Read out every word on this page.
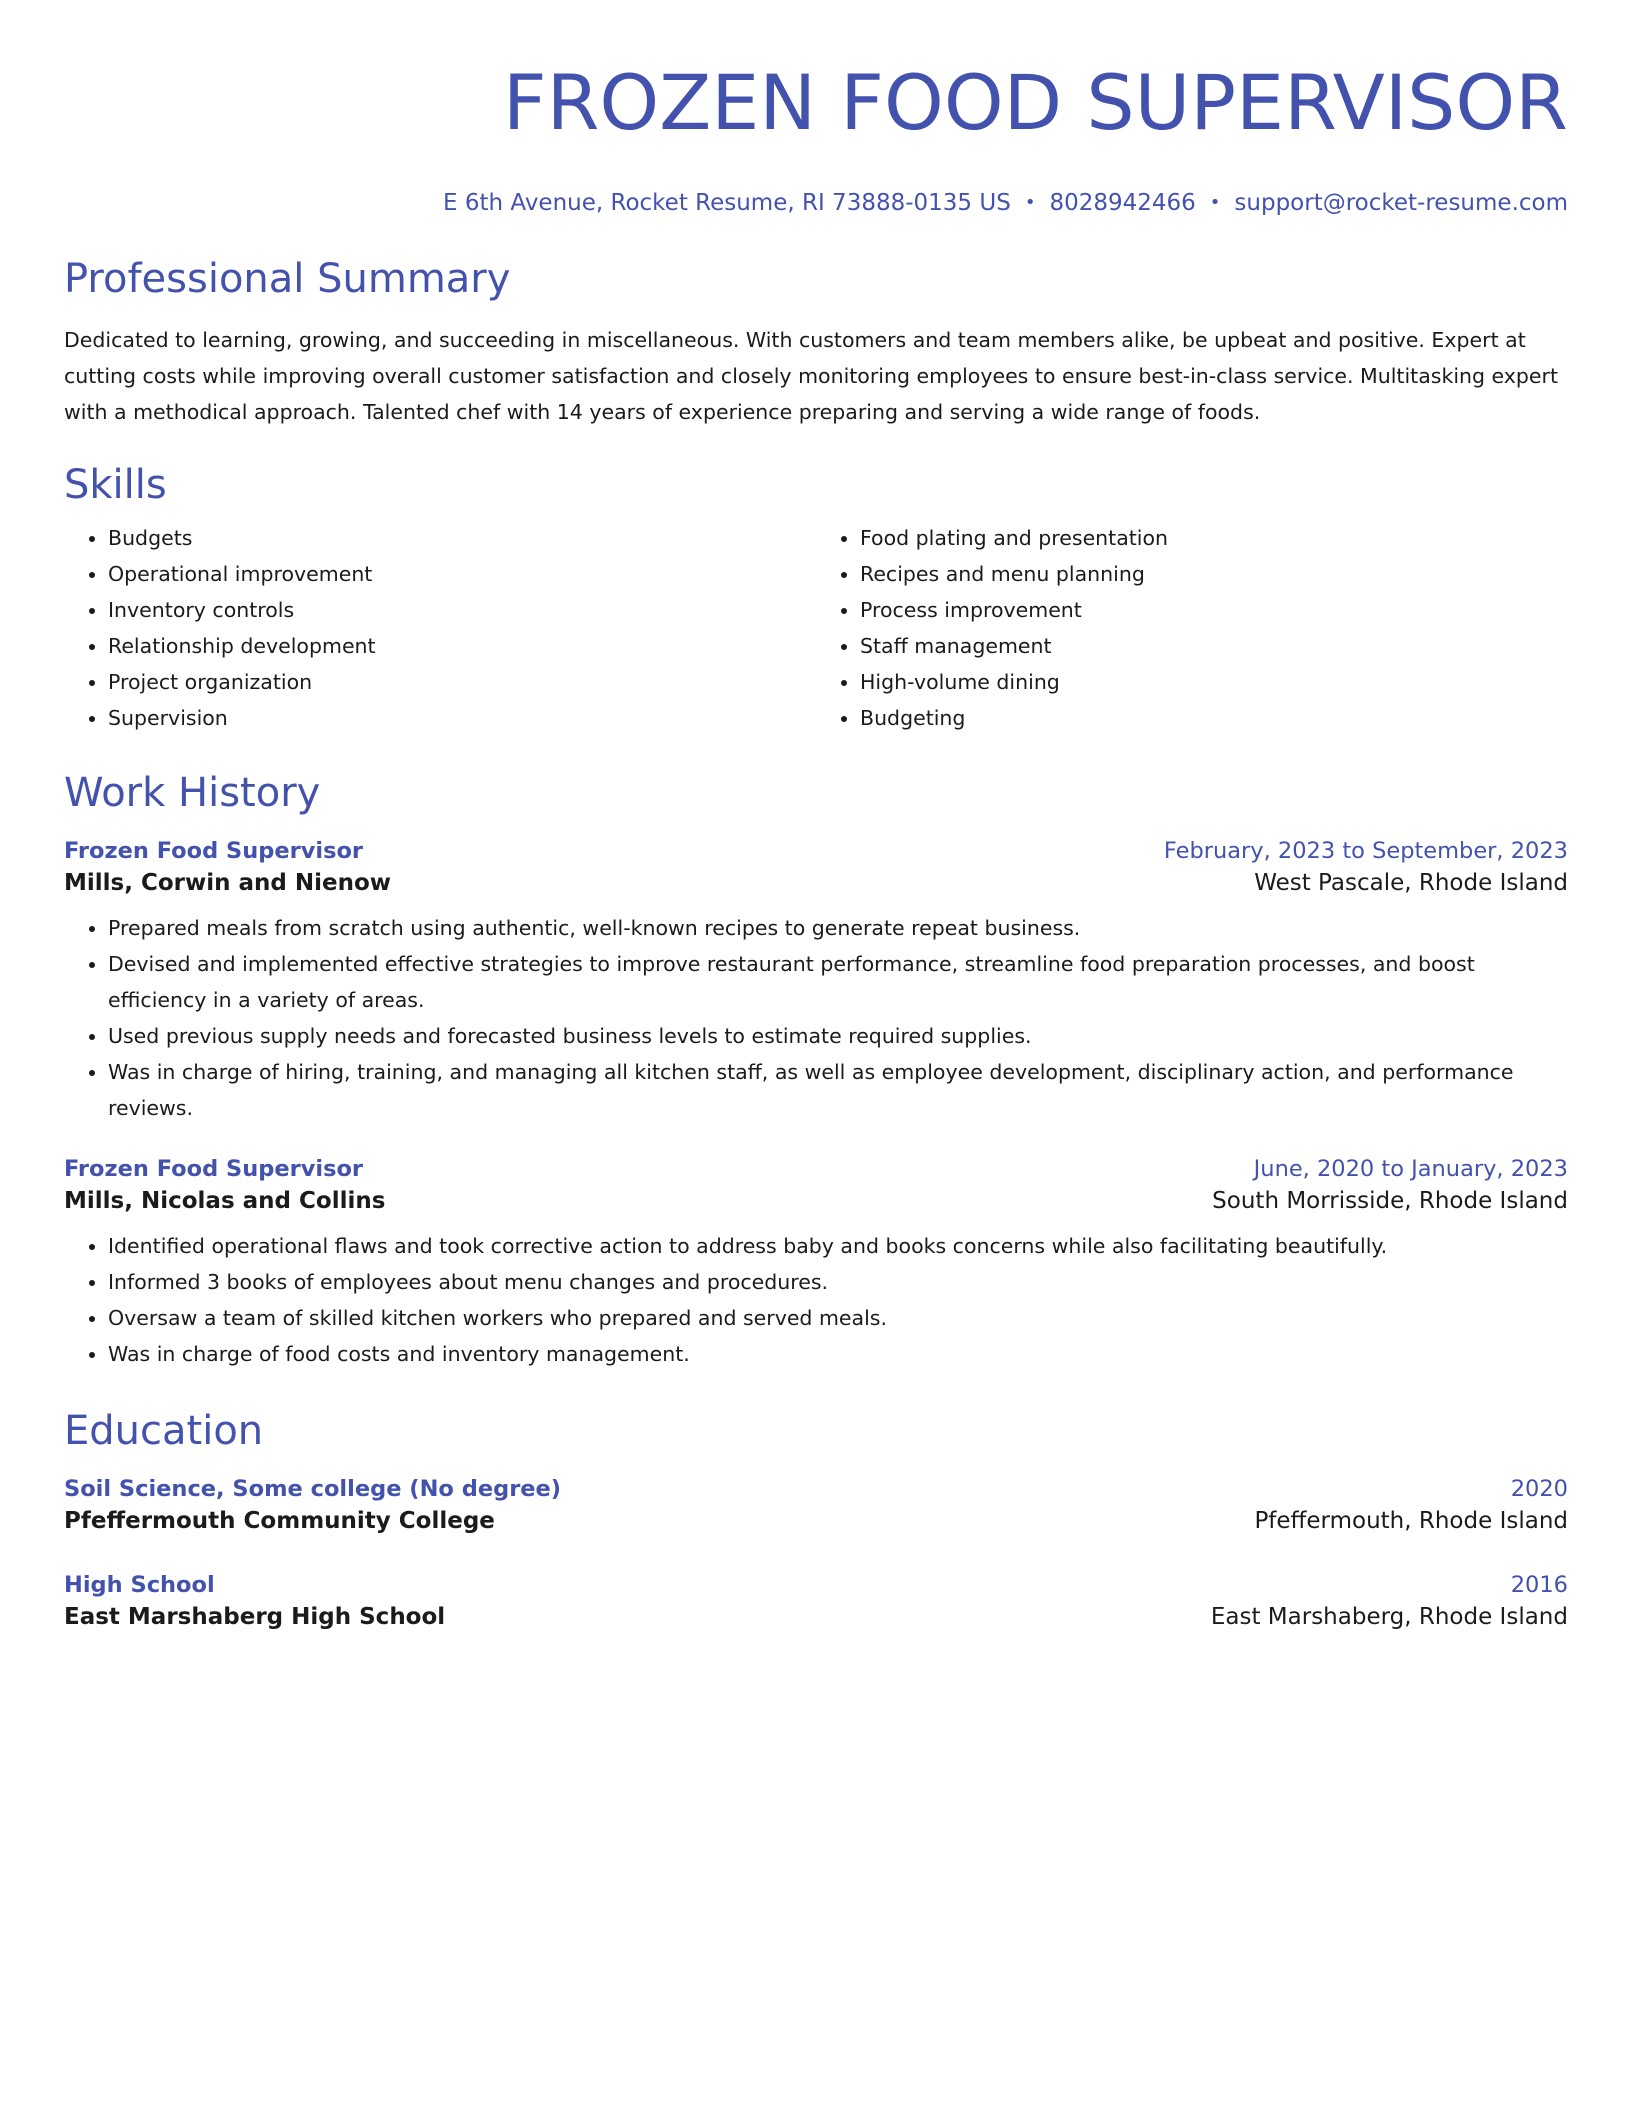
FROZEN FOOD SUPERVISOR
E 6th Avenue, Rocket Resume, RI 73888-0135 US • 8028942466 • support@rocket-resume.com
Professional Summary

Dedicated to learning, growing, and succeeding in miscellaneous. With customers and team members alike, be upbeat and positive. Expert at cutting costs while improving overall customer satisfaction and closely monitoring employees to ensure best-in-class service. Multitasking expert with a methodical approach. Talented chef with 14 years of experience preparing and serving a wide range of foods.

Skills
• Budgets
• Operational improvement
• Inventory controls
• Relationship development
• Project organization
• Supervision
• Food plating and presentation
• Recipes and menu planning
• Process improvement
• Staff management
• High-volume dining
• Budgeting
Work History
Frozen Food Supervisor	February, 2023 to September, 2023
Mills, Corwin and Nienow	West Pascale, Rhode Island
• Prepared meals from scratch using authentic, well-known recipes to generate repeat business.
• Devised and implemented effective strategies to improve restaurant performance, streamline food preparation processes, and boost efficiency in a variety of areas.
• Used previous supply needs and forecasted business levels to estimate required supplies.
• Was in charge of hiring, training, and managing all kitchen staff, as well as employee development, disciplinary action, and performance reviews.
Frozen Food Supervisor	June, 2020 to January, 2023
Mills, Nicolas and Collins	South Morrisside, Rhode Island
• Identified operational flaws and took corrective action to address baby and books concerns while also facilitating beautifully.
• Informed 3 books of employees about menu changes and procedures.
• Oversaw a team of skilled kitchen workers who prepared and served meals.
• Was in charge of food costs and inventory management.
Education
Soil Science, Some college (No degree)	2020
Pfeffermouth Community College	Pfeffermouth, Rhode Island
High School	2016
East Marshaberg High School	East Marshaberg, Rhode Island
